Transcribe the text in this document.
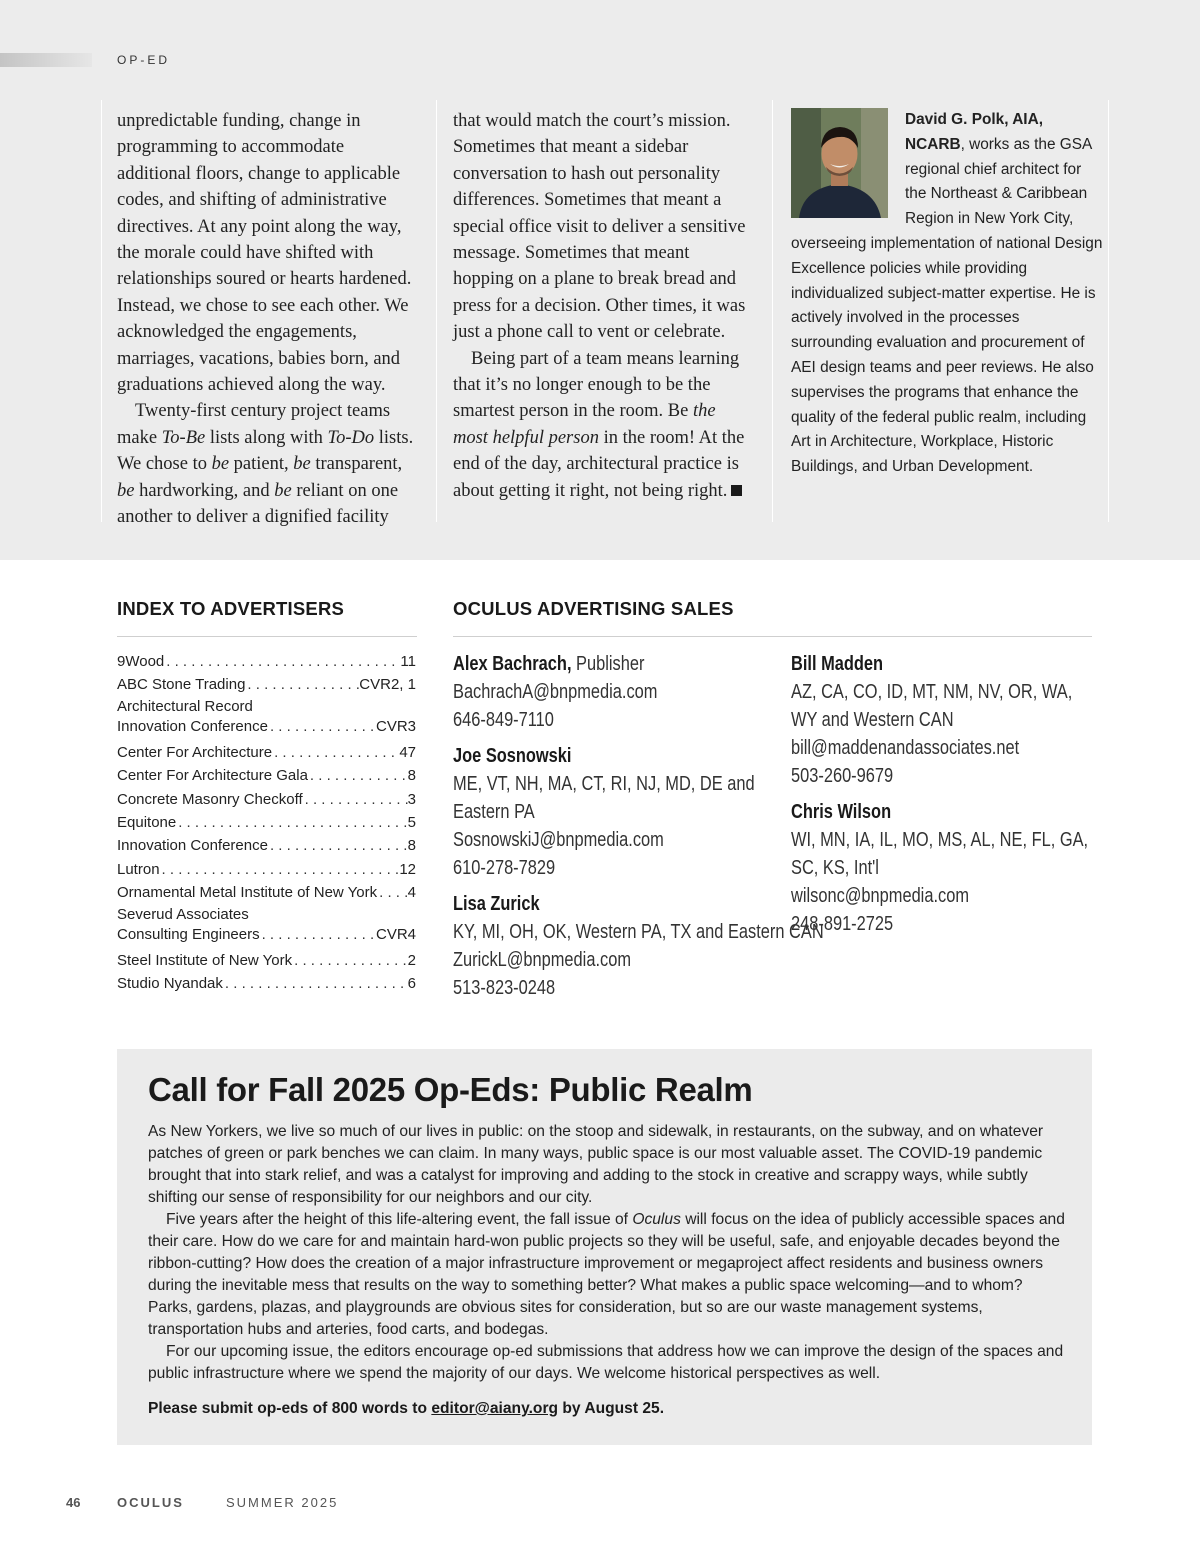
OP-ED

unpredictable funding, change in programming to accommodate additional floors, change to applicable codes, and shifting of administrative directives. At any point along the way, the morale could have shifted with relationships soured or hearts hardened. Instead, we chose to see each other. We acknowledged the engagements, marriages, vacations, babies born, and graduations achieved along the way.

Twenty-first century project teams make To-Be lists along with To-Do lists. We chose to be patient, be transparent, be hardworking, and be reliant on one another to deliver a dignified facility

that would match the court’s mission. Sometimes that meant a sidebar conversation to hash out personality differences. Sometimes that meant a special office visit to deliver a sensitive message. Sometimes that meant hopping on a plane to break bread and press for a decision. Other times, it was just a phone call to vent or celebrate.

Being part of a team means learning that it’s no longer enough to be the smartest person in the room. Be the most helpful person in the room! At the end of the day, architectural practice is about getting it right, not being right.

David G. Polk, AIA, NCARB, works as the GSA regional chief architect for the Northeast & Caribbean Region in New York City, overseeing implementation of national Design Excellence policies while providing individualized subject-matter expertise. He is actively involved in the processes surrounding evaluation and procurement of AEI design teams and peer reviews. He also supervises the programs that enhance the quality of the federal public realm, including Art in Architecture, Workplace, Historic Buildings, and Urban Development.
INDEX TO ADVERTISERS
9Wood . . .	11
ABC Stone Trading . . .	CVR2, 1
Architectural Record
Innovation Conference . . .	CVR3
Center For Architecture . . .	47
Center For Architecture Gala . . .	8
Concrete Masonry Checkoff . . .	3
Equitone . . .	5
Innovation Conference . . .	8
Lutron . . .	12
Ornamental Metal Institute of New York . . . 4
Severud Associates
Consulting Engineers . . .	CVR4
Steel Institute of New York . . .	2
Studio Nyandak . . .	6
OCULUS ADVERTISING SALES
Alex Bachrach, Publisher
BachrachA@bnpmedia.com
646-849-7110
Joe Sosnowski
ME, VT, NH, MA, CT, RI, NJ, MD, DE and
Eastern PA
SosnowskiJ@bnpmedia.com
610-278-7829
Lisa Zurick
KY, MI, OH, OK, Western PA, TX and Eastern CAN
ZurickL@bnpmedia.com
513-823-0248
Bill Madden
AZ, CA, CO, ID, MT, NM, NV, OR, WA,
WY and Western CAN
bill@maddenandassociates.net
503-260-9679
Chris Wilson
WI, MN, IA, IL, MO, MS, AL, NE, FL, GA,
SC, KS, Int'l
wilsonc@bnpmedia.com
248-891-2725
Call for Fall 2025 Op-Eds: Public Realm

As New Yorkers, we live so much of our lives in public: on the stoop and sidewalk, in restaurants, on the subway, and on whatever patches of green or park benches we can claim. In many ways, public space is our most valuable asset. The COVID-19 pandemic brought that into stark relief, and was a catalyst for improving and adding to the stock in creative and scrappy ways, while subtly shifting our sense of responsibility for our neighbors and our city.

Five years after the height of this life-altering event, the fall issue of Oculus will focus on the idea of publicly accessible spaces and their care. How do we care for and maintain hard-won public projects so they will be useful, safe, and enjoyable decades beyond the ribbon-cutting? How does the creation of a major infrastructure improvement or megaproject affect residents and business owners during the inevitable mess that results on the way to something better? What makes a public space welcoming—and to whom? Parks, gardens, plazas, and playgrounds are obvious sites for consideration, but so are our waste management systems, transportation hubs and arteries, food carts, and bodegas.

For our upcoming issue, the editors encourage op-ed submissions that address how we can improve the design of the spaces and public infrastructure where we spend the majority of our days. We welcome historical perspectives as well.

Please submit op-eds of 800 words to editor@aiany.org by August 25.
46	OCULUS	SUMMER 2025
